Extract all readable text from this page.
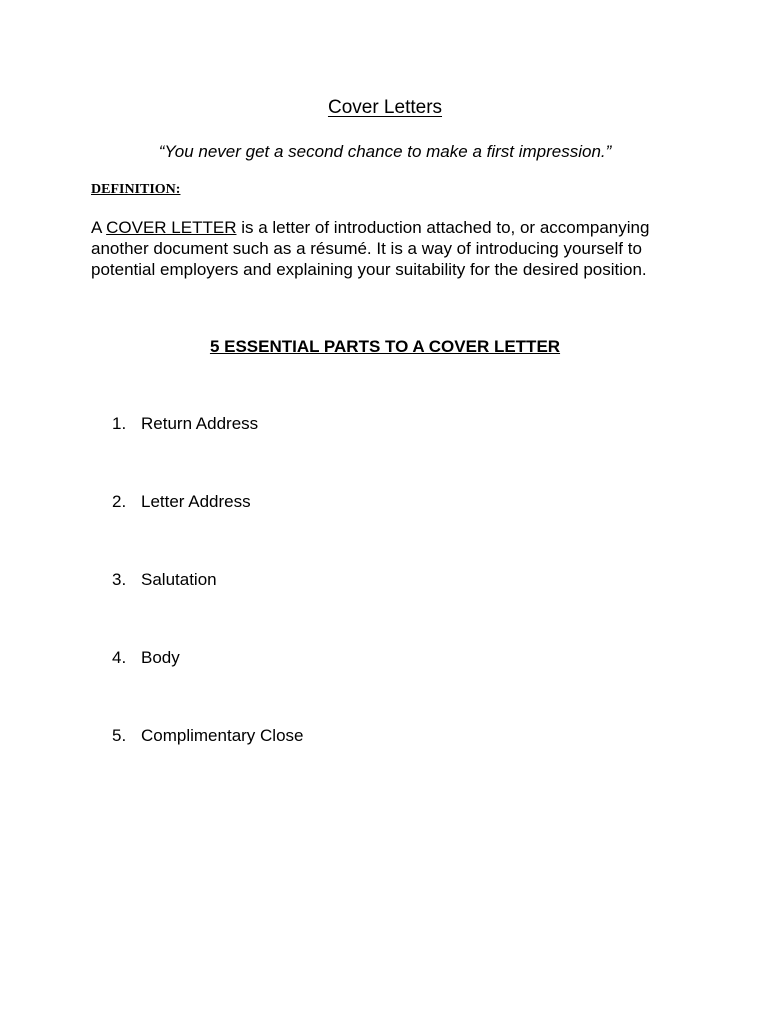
Cover Letters
“You never get a second chance to make a first impression.”
DEFINITION:
A COVER LETTER is a letter of introduction attached to, or accompanying
another document such as a résumé. It is a way of introducing yourself to
potential employers and explaining your suitability for the desired position.
5 ESSENTIAL PARTS TO A COVER LETTER
1. Return Address
2. Letter Address
3. Salutation
4. Body
5. Complimentary Close
